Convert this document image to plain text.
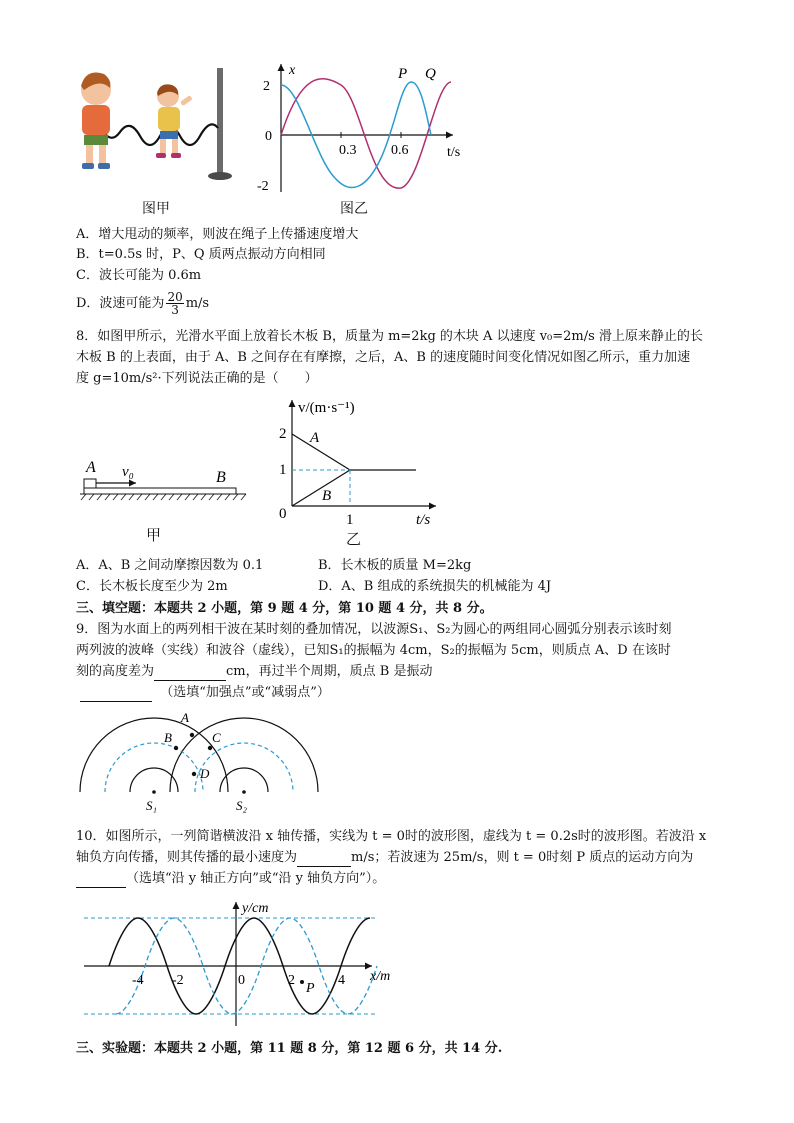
图甲
x
2
0
-2
0.3 0.6	t/s
P Q
图乙
A．增大甩动的频率，则波在绳子上传播速度增大
B．t=0.5s 时，P、Q 质两点振动方向相同
C．波长可能为 0.6m
D．波速可能为 $\frac{20}{3} m/s$
8．如图甲所示，光滑水平面上放着长木板 B，质量为 m=2kg 的木块 A 以速度 v₀=2m/s 滑上原来静止的长
木板 B 的上表面，由于 A、B 之间存在有摩擦，之后，A、B 的速度随时间变化情况如图乙所示，重力加速
度 g=10m/s²·下列说法正确的是（　　）
A v₀	B
甲
v/(m·s⁻¹)
2
1
0	1	t/s
A
B
乙
A．A、B 之间动摩擦因数为 0.1	B．长木板的质量 M=2kg
C．长木板长度至少为 2m	D．A、B 组成的系统损失的机械能为 4J
三、填空题：本题共 2 小题，第 9 题 4 分，第 10 题 4 分，共 8 分。
9．图为水面上的两列相干波在某时刻的叠加情况，以波源S₁、S₂为圆心的两组同心圆弧分别表示该时刻
两列波的波峰（实线）和波谷（虚线），已知S₁的振幅为 4cm，S₂的振幅为 5cm，则质点 A、D 在该时
刻的高度差为	cm，再过半个周期，质点 B 是振动
（选填“加强点”或“减弱点”）
A
B	C
D
S₁	S₂
10．如图所示，一列简谐横波沿 x 轴传播，实线为 t = 0时的波形图，虚线为 t = 0.2s时的波形图。若波沿 x
轴负方向传播，则其传播的最小速度为	m/s；若波速为 25m/s，则 t = 0时刻 P 质点的运动方向为
（选填“沿 y 轴正方向”或“沿 y 轴负方向”）。
y/cm
x/m
-4 -2	0	2	4
P
三、实验题：本题共 2 小题，第 11 题 8 分，第 12 题 6 分，共 14 分.
